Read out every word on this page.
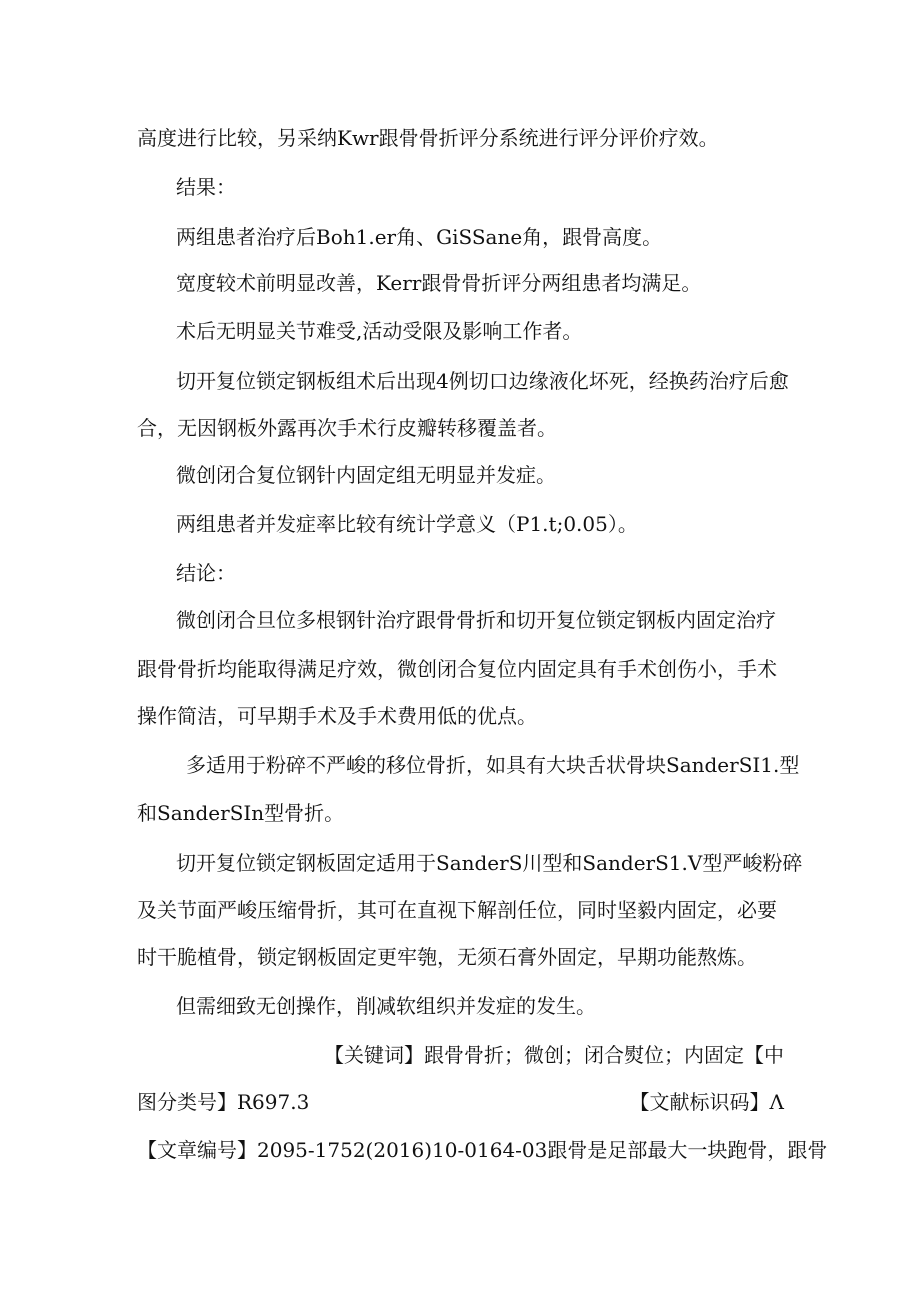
高度进行比较，另采纳Kwr跟骨骨折评分系统进行评分评价疗效。
结果：
两组患者治疗后Boh1.er角、GiSSane角，跟骨高度。
宽度较术前明显改善，Kerr跟骨骨折评分两组患者均满足。
术后无明显关节难受,活动受限及影响工作者。
切开复位锁定钢板组术后出现4例切口边缘液化坏死，经换药治疗后愈
合，无因钢板外露再次手术行皮瓣转移覆盖者。
微创闭合复位钢针内固定组无明显并发症。
两组患者并发症率比较有统计学意义（P1.t;0.05）。
结论：
微创闭合旦位多根钢针治疗跟骨骨折和切开复位锁定钢板内固定治疗
跟骨骨折均能取得满足疗效，微创闭合复位内固定具有手术创伤小，手术
操作简洁，可早期手术及手术费用低的优点。
多适用于粉碎不严峻的移位骨折，如具有大块舌状骨块SanderSI1.型
和SanderSIn型骨折。
切开复位锁定钢板固定适用于SanderS川型和SanderS1.V型严峻粉碎
及关节面严峻压缩骨折，其可在直视下解剖任位，同时坚毅内固定，必要
时干脆植骨，锁定钢板固定更牢匏，无须石膏外固定，早期功能熬炼。
但需细致无创操作，削减软组织并发症的发生。
【关键词】跟骨骨折；微创；闭合熨位；内固定【中
图分类号】R697.3	【文献标识码】Λ
【文章编号】2095-1752(2016)10-0164-03跟骨是足部最大一块跑骨，跟骨
